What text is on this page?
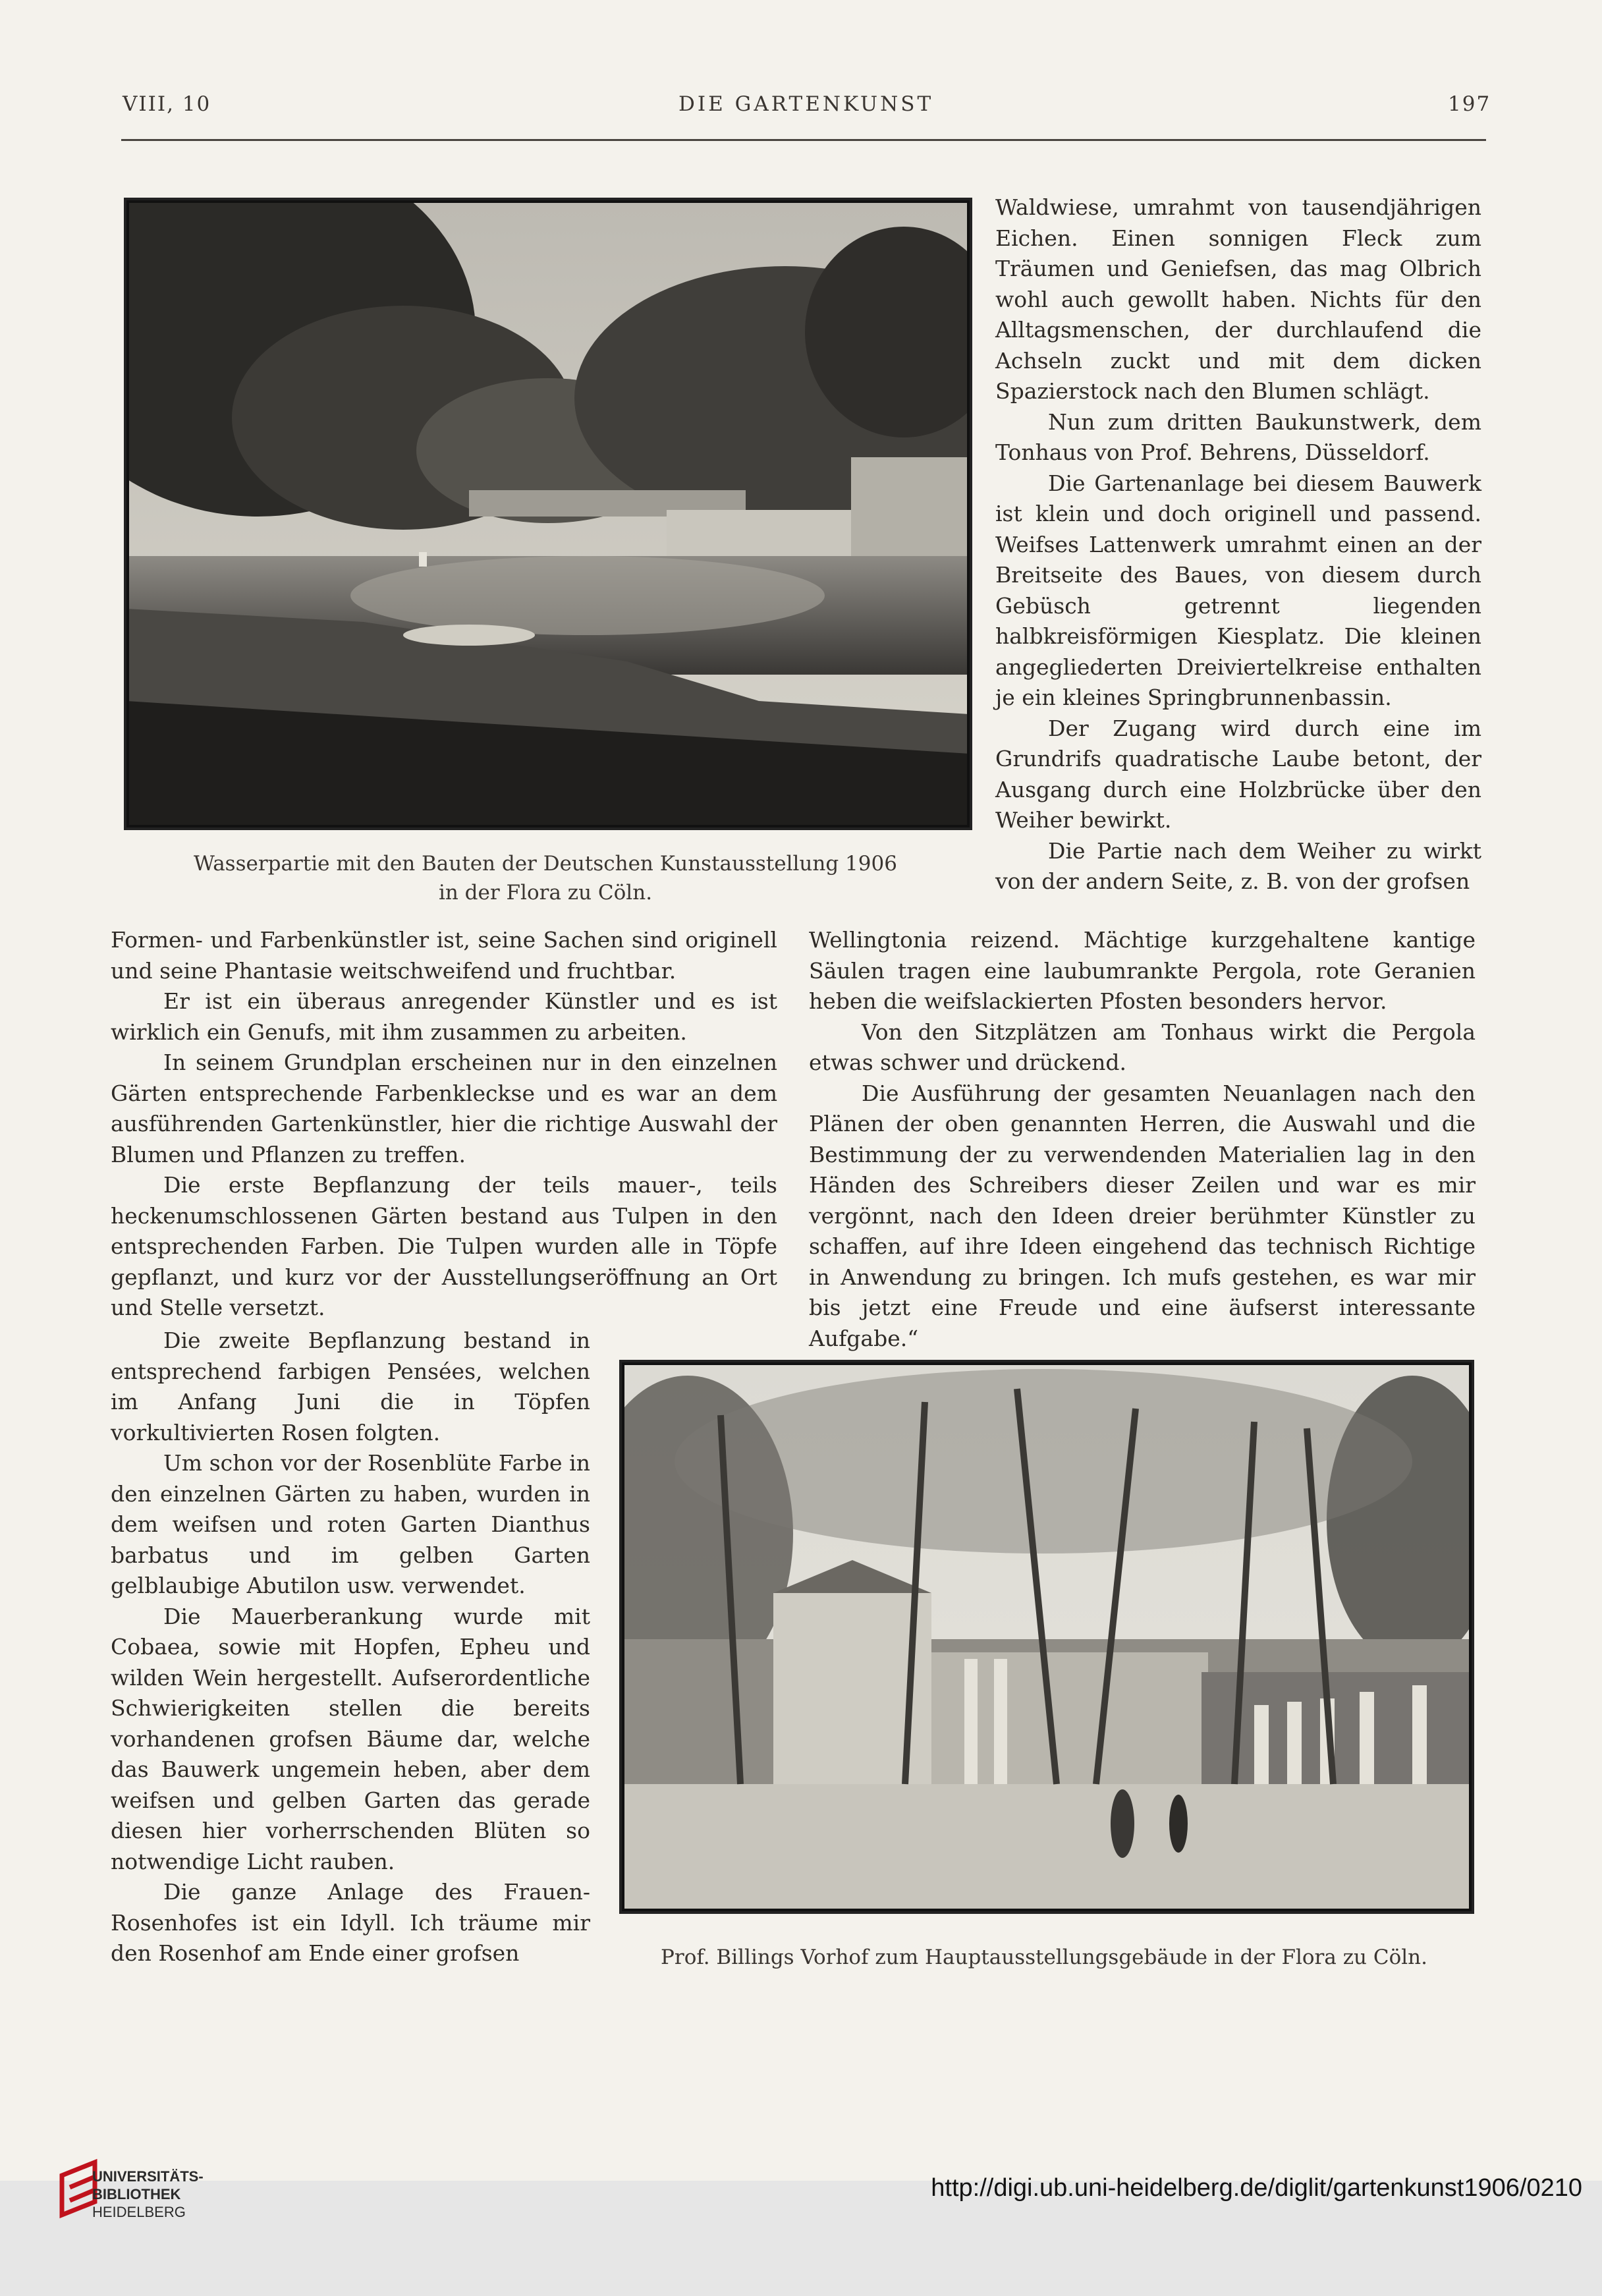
VIII, 10	DIE GARTENKUNST	197
Wasserpartie mit den Bauten der Deutschen Kunstausstellung 1906
in der Flora zu Cöln.

Waldwiese, umrahmt von tausendjährigen Eichen. Einen sonnigen Fleck zum Träumen und Geniefsen, das mag Olbrich wohl auch gewollt haben. Nichts für den Alltagsmenschen, der durchlaufend die Achseln zuckt und mit dem dicken Spazierstock nach den Blumen schlägt.

Nun zum dritten Baukunstwerk, dem Tonhaus von Prof. Behrens, Düsseldorf.

Die Gartenanlage bei diesem Bauwerk ist klein und doch originell und passend. Weifses Lattenwerk umrahmt einen an der Breitseite des Baues, von diesem durch Gebüsch getrennt liegenden halbkreisförmigen Kiesplatz. Die kleinen angegliederten Dreiviertelkreise enthalten je ein kleines Springbrunnenbassin.

Der Zugang wird durch eine im Grundrifs quadratische Laube betont, der Ausgang durch eine Holzbrücke über den Weiher bewirkt.

Die Partie nach dem Weiher zu wirkt von der andern Seite, z. B. von der grofsen

Formen- und Farbenkünstler ist, seine Sachen sind originell und seine Phantasie weitschweifend und fruchtbar.

Er ist ein überaus anregender Künstler und es ist wirklich ein Genufs, mit ihm zusammen zu arbeiten.

In seinem Grundplan erscheinen nur in den einzelnen Gärten entsprechende Farbenkleckse und es war an dem ausführenden Gartenkünstler, hier die richtige Auswahl der Blumen und Pflanzen zu treffen.

Die erste Bepflanzung der teils mauer-, teils heckenumschlossenen Gärten bestand aus Tulpen in den entsprechenden Farben. Die Tulpen wurden alle in Töpfe gepflanzt, und kurz vor der Ausstellungseröffnung an Ort und Stelle versetzt.

Wellingtonia reizend. Mächtige kurzgehaltene kantige Säulen tragen eine laubumrankte Pergola, rote Geranien heben die weifslackierten Pfosten besonders hervor.

Von den Sitzplätzen am Tonhaus wirkt die Pergola etwas schwer und drückend.

Die Ausführung der gesamten Neuanlagen nach den Plänen der oben genannten Herren, die Auswahl und die Bestimmung der zu verwendenden Materialien lag in den Händen des Schreibers dieser Zeilen und war es mir vergönnt, nach den Ideen dreier berühmter Künstler zu schaffen, auf ihre Ideen eingehend das technisch Richtige in Anwendung zu bringen. Ich mufs gestehen, es war mir bis jetzt eine Freude und eine äufserst interessante Aufgabe.“

Die zweite Bepflanzung bestand in entsprechend farbigen Pensées, welchen im Anfang Juni die in Töpfen vorkultivierten Rosen folgten.

Um schon vor der Rosenblüte Farbe in den einzelnen Gärten zu haben, wurden in dem weifsen und roten Garten Dianthus barbatus und im gelben Garten gelblaubige Abutilon usw. verwendet.

Die Mauerberankung wurde mit Cobaea, sowie mit Hopfen, Epheu und wilden Wein hergestellt. Aufserordentliche Schwierigkeiten stellen die bereits vorhandenen grofsen Bäume dar, welche das Bauwerk ungemein heben, aber dem weifsen und gelben Garten das gerade diesen hier vorherrschenden Blüten so notwendige Licht rauben.

Die ganze Anlage des Frauen-Rosenhofes ist ein Idyll. Ich träume mir den Rosenhof am Ende einer grofsen	Prof. Billings Vorhof zum Hauptausstellungsgebäude in der Flora zu Cöln.
UNIVERSITÄTS-
BIBLIOTHEK
HEIDELBERG
http://digi.ub.uni-heidelberg.de/diglit/gartenkunst1906/0210
